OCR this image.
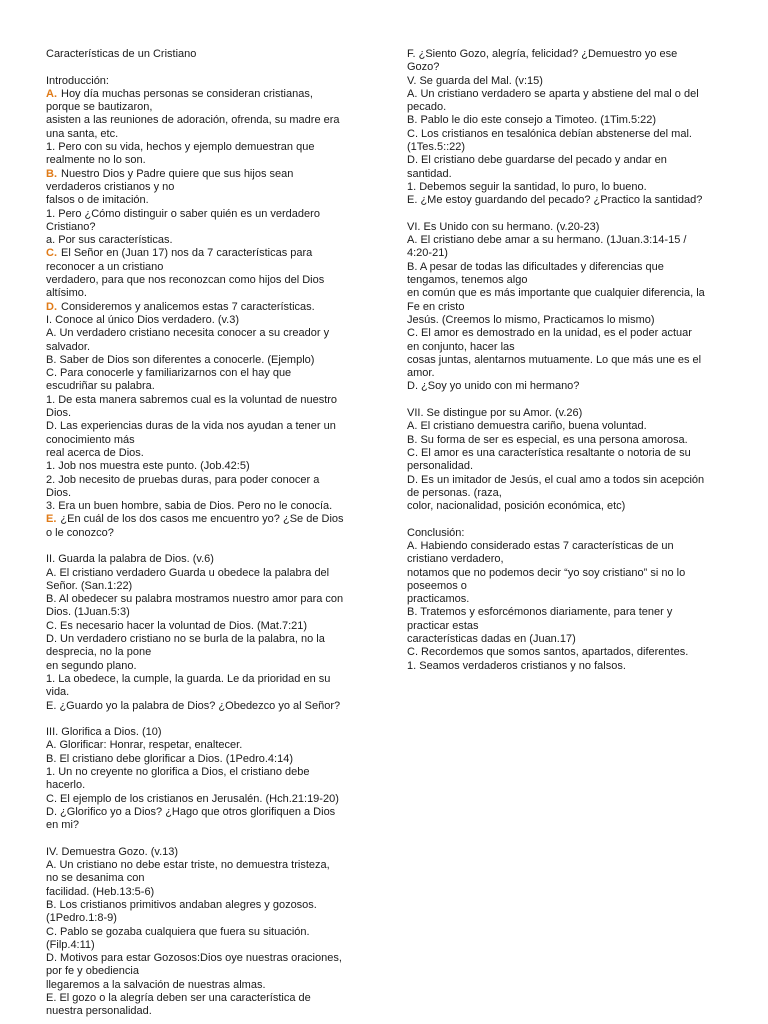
Características de un Cristiano
Introducción:
A. Hoy día muchas personas se consideran cristianas,
porque se bautizaron,
asisten a las reuniones de adoración, ofrenda, su madre era
una santa, etc.
1. Pero con su vida, hechos y ejemplo demuestran que
realmente no lo son.
B. Nuestro Dios y Padre quiere que sus hijos sean
verdaderos cristianos y no
falsos o de imitación.
1. Pero ¿Cómo distinguir o saber quién es un verdadero
Cristiano?
a. Por sus características.
C. El Señor en (Juan 17) nos da 7 características para
reconocer a un cristiano
verdadero, para que nos reconozcan como hijos del Dios
altísimo.
D. Consideremos y analicemos estas 7 características.
I. Conoce al único Dios verdadero. (v.3)
A. Un verdadero cristiano necesita conocer a su creador y
salvador.
B. Saber de Dios son diferentes a conocerle. (Ejemplo)
C. Para conocerle y familiarizarnos con el hay que
escudriñar su palabra.
1. De esta manera sabremos cual es la voluntad de nuestro
Dios.
D. Las experiencias duras de la vida nos ayudan a tener un
conocimiento más
real acerca de Dios.
1. Job nos muestra este punto. (Job.42:5)
2. Job necesito de pruebas duras, para poder conocer a
Dios.
3. Era un buen hombre, sabia de Dios. Pero no le conocía.
E. ¿En cuál de los dos casos me encuentro yo? ¿Se de Dios
o le conozco?
II. Guarda la palabra de Dios. (v.6)
A. El cristiano verdadero Guarda u obedece la palabra del
Señor. (San.1:22)
B. Al obedecer su palabra mostramos nuestro amor para con
Dios. (1Juan.5:3)
C. Es necesario hacer la voluntad de Dios. (Mat.7:21)
D. Un verdadero cristiano no se burla de la palabra, no la
desprecia, no la pone
en segundo plano.
1. La obedece, la cumple, la guarda. Le da prioridad en su
vida.
E. ¿Guardo yo la palabra de Dios? ¿Obedezco yo al Señor?
III. Glorifica a Dios. (10)
A. Glorificar: Honrar, respetar, enaltecer.
B. El cristiano debe glorificar a Dios. (1Pedro.4:14)
1. Un no creyente no glorifica a Dios, el cristiano debe
hacerlo.
C. El ejemplo de los cristianos en Jerusalén. (Hch.21:19-20)
D. ¿Glorifico yo a Dios? ¿Hago que otros glorifiquen a Dios
en mi?
IV. Demuestra Gozo. (v.13)
A. Un cristiano no debe estar triste, no demuestra tristeza,
no se desanima con
facilidad. (Heb.13:5-6)
B. Los cristianos primitivos andaban alegres y gozosos.
(1Pedro.1:8-9)
C. Pablo se gozaba cualquiera que fuera su situación.
(Filp.4:11)
D. Motivos para estar Gozosos:Dios oye nuestras oraciones,
por fe y obediencia
llegaremos a la salvación de nuestras almas.
E. El gozo o la alegría deben ser una característica de
nuestra personalidad.
F. ¿Siento Gozo, alegría, felicidad? ¿Demuestro yo ese
Gozo?
V. Se guarda del Mal. (v:15)
A. Un cristiano verdadero se aparta y abstiene del mal o del
pecado.
B. Pablo le dio este consejo a Timoteo. (1Tim.5:22)
C. Los cristianos en tesalónica debían abstenerse del mal.
(1Tes.5::22)
D. El cristiano debe guardarse del pecado y andar en
santidad.
1. Debemos seguir la santidad, lo puro, lo bueno.
E. ¿Me estoy guardando del pecado? ¿Practico la santidad?
VI. Es Unido con su hermano. (v.20-23)
A. El cristiano debe amar a su hermano. (1Juan.3:14-15 /
4:20-21)
B. A pesar de todas las dificultades y diferencias que
tengamos, tenemos algo
en común que es más importante que cualquier diferencia, la
Fe en cristo
Jesús. (Creemos lo mismo, Practicamos lo mismo)
C. El amor es demostrado en la unidad, es el poder actuar
en conjunto, hacer las
cosas juntas, alentarnos mutuamente. Lo que más une es el
amor.
D. ¿Soy yo unido con mi hermano?
VII. Se distingue por su Amor. (v.26)
A. El cristiano demuestra cariño, buena voluntad.
B. Su forma de ser es especial, es una persona amorosa.
C. El amor es una característica resaltante o notoria de su
personalidad.
D. Es un imitador de Jesús, el cual amo a todos sin acepción
de personas. (raza,
color, nacionalidad, posición económica, etc)
Conclusión:
A. Habiendo considerado estas 7 características de un
cristiano verdadero,
notamos que no podemos decir “yo soy cristiano” si no lo
poseemos o
practicamos.
B. Tratemos y esforcémonos diariamente, para tener y
practicar estas
características dadas en (Juan.17)
C. Recordemos que somos santos, apartados, diferentes.
1. Seamos verdaderos cristianos y no falsos.
